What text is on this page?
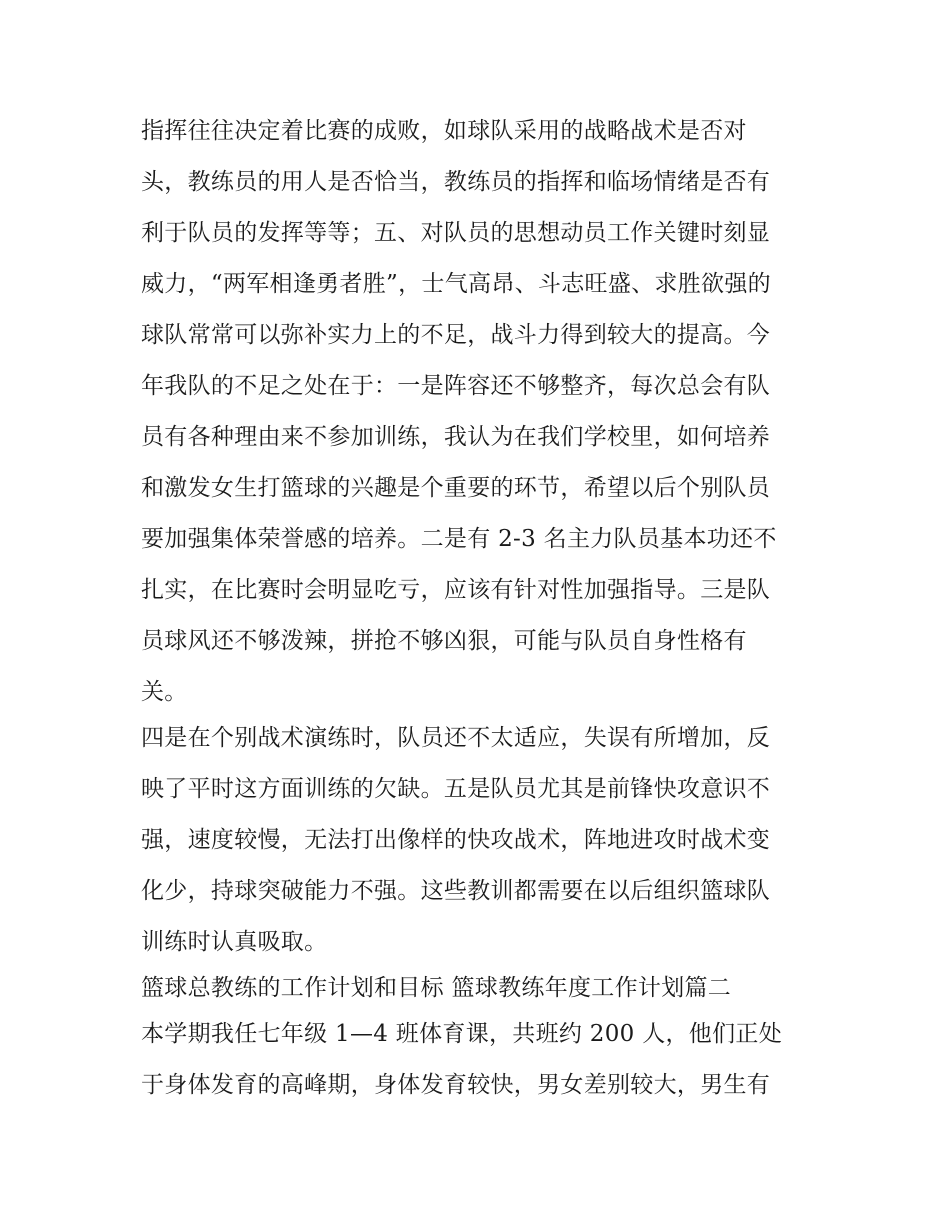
指挥往往决定着比赛的成败，如球队采用的战略战术是否对
头，教练员的用人是否恰当，教练员的指挥和临场情绪是否有
利于队员的发挥等等；五、对队员的思想动员工作关键时刻显
威力，“两军相逢勇者胜”，士气高昂、斗志旺盛、求胜欲强的
球队常常可以弥补实力上的不足，战斗力得到较大的提高。今
年我队的不足之处在于：一是阵容还不够整齐，每次总会有队
员有各种理由来不参加训练，我认为在我们学校里，如何培养
和激发女生打篮球的兴趣是个重要的环节，希望以后个别队员
要加强集体荣誉感的培养。二是有 2-3 名主力队员基本功还不
扎实，在比赛时会明显吃亏，应该有针对性加强指导。三是队
员球风还不够泼辣，拼抢不够凶狠，可能与队员自身性格有
关。
四是在个别战术演练时，队员还不太适应，失误有所增加，反
映了平时这方面训练的欠缺。五是队员尤其是前锋快攻意识不
强，速度较慢，无法打出像样的快攻战术，阵地进攻时战术变
化少，持球突破能力不强。这些教训都需要在以后组织篮球队
训练时认真吸取。
篮球总教练的工作计划和目标 篮球教练年度工作计划篇二
本学期我任七年级 1—4 班体育课，共班约 200 人，他们正处
于身体发育的高峰期，身体发育较快，男女差别较大，男生有
